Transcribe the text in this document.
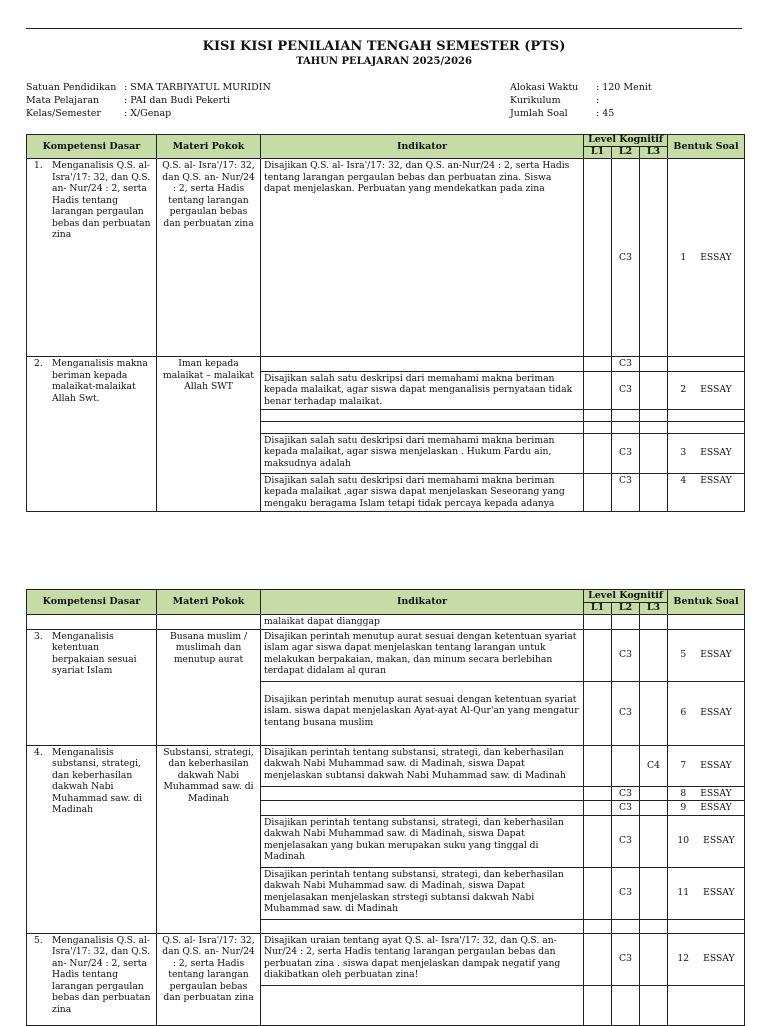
KISI KISI PENILAIAN TENGAH SEMESTER (PTS)
TAHUN PELAJARAN 2025/2026
Satuan Pendidikan : SMA TARBIYATUL MURIDIN
Mata Pelajaran	: PAI dan Budi Pekerti
Kelas/Semester	: X/Genap
Alokasi Waktu	: 120 Menit
Kurikulum	:
Jumlah Soal	: 45
Kompetensi Dasar	Materi Pokok	Indikator	Level Kognitif			Bentuk Soal
			L1	L2	L3	

1. Menganalisis Q.S. al-Isra'/17: 32, dan Q.S. an- Nur/24 : 2, serta Hadis tentang larangan pergaulan bebas dan perbuatan zina	Q.S. al- Isra'/17: 32, dan Q.S. an- Nur/24 : 2, serta Hadis tentang larangan pergaulan bebas dan perbuatan zina	Disajikan Q.S. al- Isra'/17: 32, dan Q.S. an-Nur/24 : 2, serta Hadis tentang larangan pergaulan bebas dan perbuatan zina. Siswa dapat menjelaskan. Perbuatan yang mendekatkan pada zina		C3		1 ESSAY

2. Menganalisis makna beriman kepada malaikat-malaikat Allah Swt.	Iman kepada malaikat – malaikat Allah SWT			C3		
		Disajikan salah satu deskripsi dari memahami makna beriman kepada malaikat, agar siswa dapat menganalisis pernyataan tidak benar terhadap malaikat.		C3		2 ESSAY

		Disajikan salah satu deskripsi dari memahami makna beriman kepada malaikat, agar siswa menjelaskan . Hukum Fardu ain, maksudnya adalah		C3		3 ESSAY

		Disajikan salah satu deskripsi dari memahami makna beriman kepada malaikat ,agar siswa dapat menjelaskan Seseorang yang mengaku beragama Islam tetapi tidak percaya kepada adanya		C3		4 ESSAY
Kompetensi Dasar	Materi Pokok	Indikator	Level Kognitif			Bentuk Soal
			L1	L2	L3	
		malaikat dapat dianggap				

3. Menganalisis ketentuan berpakaian sesuai syariat Islam	Busana muslim / muslimah dan menutup aurat	Disajikan perintah menutup aurat sesuai dengan ketentuan syariat islam agar siswa dapat menjelaskan tentang larangan untuk melakukan berpakaian, makan, dan minum secara berlebihan terdapat didalam al quran		C3		5 ESSAY

		Disajikan perintah menutup aurat sesuai dengan ketentuan syariat islam. siswa dapat menjelaskan Ayat-ayat Al-Qur'an yang mengatur tentang busana muslim		C3		6 ESSAY

4. Menganalisis substansi, strategi, dan keberhasilan dakwah Nabi Muhammad saw. di Madinah	Substansi, strategi, dan keberhasilan dakwah Nabi Muhammad saw. di Madinah	Disajikan perintah tentang substansi, strategi, dan keberhasilan dakwah Nabi Muhammad saw. di Madinah, siswa Dapat menjelaskan subtansi dakwah Nabi Muhammad saw. di Madinah			C4	7 ESSAY

				C3		8 ESSAY

				C3		9 ESSAY

		Disajikan perintah tentang substansi, strategi, dan keberhasilan dakwah Nabi Muhammad saw. di Madinah, siswa Dapat menjelasakan yang bukan merupakan suku yang tinggal di Madinah		C3		10 ESSAY

		Disajikan perintah tentang substansi, strategi, dan keberhasilan dakwah Nabi Muhammad saw. di Madinah, siswa Dapat menjelasakan menjelaskan strstegi subtansi dakwah Nabi Muhammad saw. di Madinah		C3		11 ESSAY

5. Menganalisis Q.S. al-Isra'/17: 32, dan Q.S. an- Nur/24 : 2, serta Hadis tentang larangan pergaulan bebas dan perbuatan zina	Q.S. al- Isra'/17: 32, dan Q.S. an- Nur/24 : 2, serta Hadis tentang larangan pergaulan bebas dan perbuatan zina	Disajikan uraian tentang ayat Q.S. al- Isra'/17: 32, dan Q.S. an-Nur/24 : 2, serta Hadis tentang larangan pergaulan bebas dan perbuatan zina . siswa dapat menjelaskan dampak negatif yang diakibatkan oleh perbuatan zina!		C3		12 ESSAY
